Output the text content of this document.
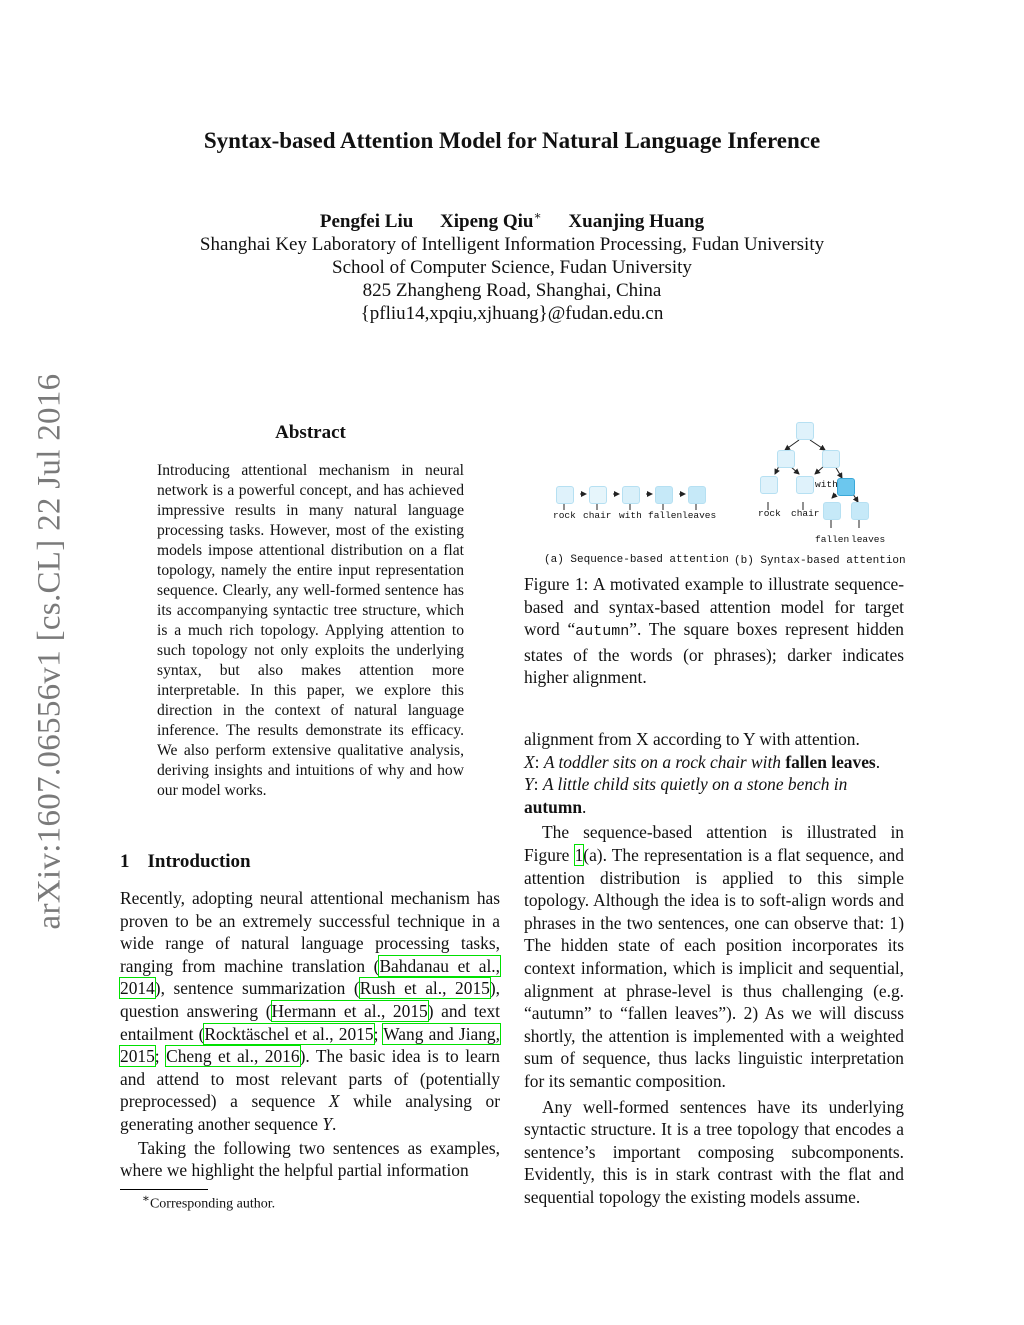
Syntax-based Attention Model for Natural Language Inference
Pengfei Liu Xipeng Qiu∗ Xuanjing Huang
Shanghai Key Laboratory of Intelligent Information Processing, Fudan University
School of Computer Science, Fudan University
825 Zhangheng Road, Shanghai, China
{pfliu14,xpqiu,xjhuang}@fudan.edu.cn
arXiv:1607.06556v1 [cs.CL] 22 Jul 2016	Abstract
Introducing attentional mechanism in neural network is a powerful concept, and has achieved impressive results in many natural language processing tasks. However, most of the existing models impose attentional distribution on a flat topology, namely the entire input representation sequence. Clearly, any well-formed sentence has its accompanying syntactic tree structure, which is a much rich topology. Applying attention to such topology not only exploits the underlying syntax, but also makes attention more interpretable. In this paper, we explore this direction in the context of natural language inference. The results demonstrate its efficacy. We also perform extensive qualitative analysis, deriving insights and intuitions of why and how our model works.
1 Introduction

Recently, adopting neural attentional mechanism has proven to be an extremely successful technique in a wide range of natural language processing tasks, ranging from machine translation (Bahdanau et al., 2014), sentence summarization (Rush et al., 2015), question answering (Hermann et al., 2015) and text entailment (Rocktäschel et al., 2015; Wang and Jiang, 2015; Cheng et al., 2016). The basic idea is to learn and attend to most relevant parts of (potentially preprocessed) a sequence X while analysing or generating another sequence Y.

Taking the following two sentences as examples, where we highlight the helpful partial information

∗Corresponding author.
rock chair with fallen leaves	rock chair
with
fallen leaves
(a) Sequence-based attention (b) Syntax-based attention
Figure 1: A motivated example to illustrate sequence-based and syntax-based attention model for target word “autumn”. The square boxes represent hidden states of the words (or phrases); darker indicates higher alignment.

alignment from X according to Y with attention.

X: A toddler sits on a rock chair with fallen leaves.

Y: A little child sits quietly on a stone bench in autumn.

The sequence-based attention is illustrated in Figure 1(a). The representation is a flat sequence, and attention distribution is applied to this simple topology. Although the idea is to soft-align words and phrases in the two sentences, one can observe that: 1) The hidden state of each position incorporates its context information, which is implicit and sequential, alignment at phrase-level is thus challenging (e.g. “autumn” to “fallen leaves”). 2) As we will discuss shortly, the attention is implemented with a weighted sum of sequence, thus lacks linguistic interpretation for its semantic composition.

Any well-formed sentences have its underlying syntactic structure. It is a tree topology that encodes a sentence’s important composing subcomponents. Evidently, this is in stark contrast with the flat and sequential topology the existing models assume.
